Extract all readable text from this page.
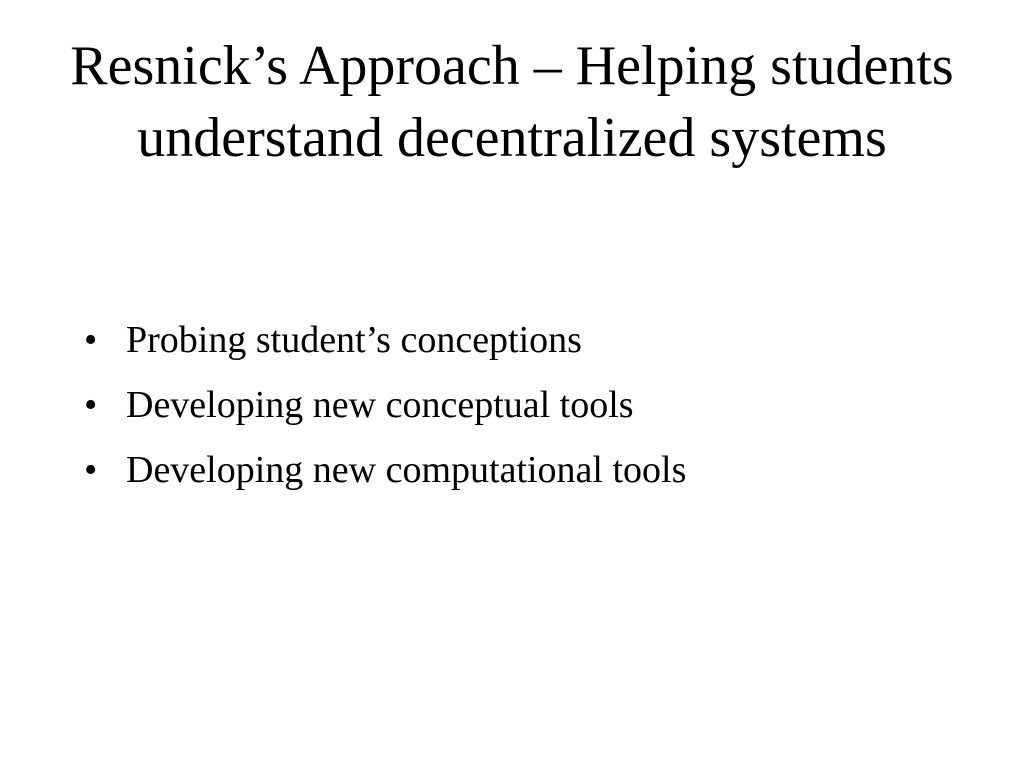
Resnick’s Approach – Helping students understand decentralized systems
• Probing student’s conceptions
• Developing new conceptual tools
• Developing new computational tools
